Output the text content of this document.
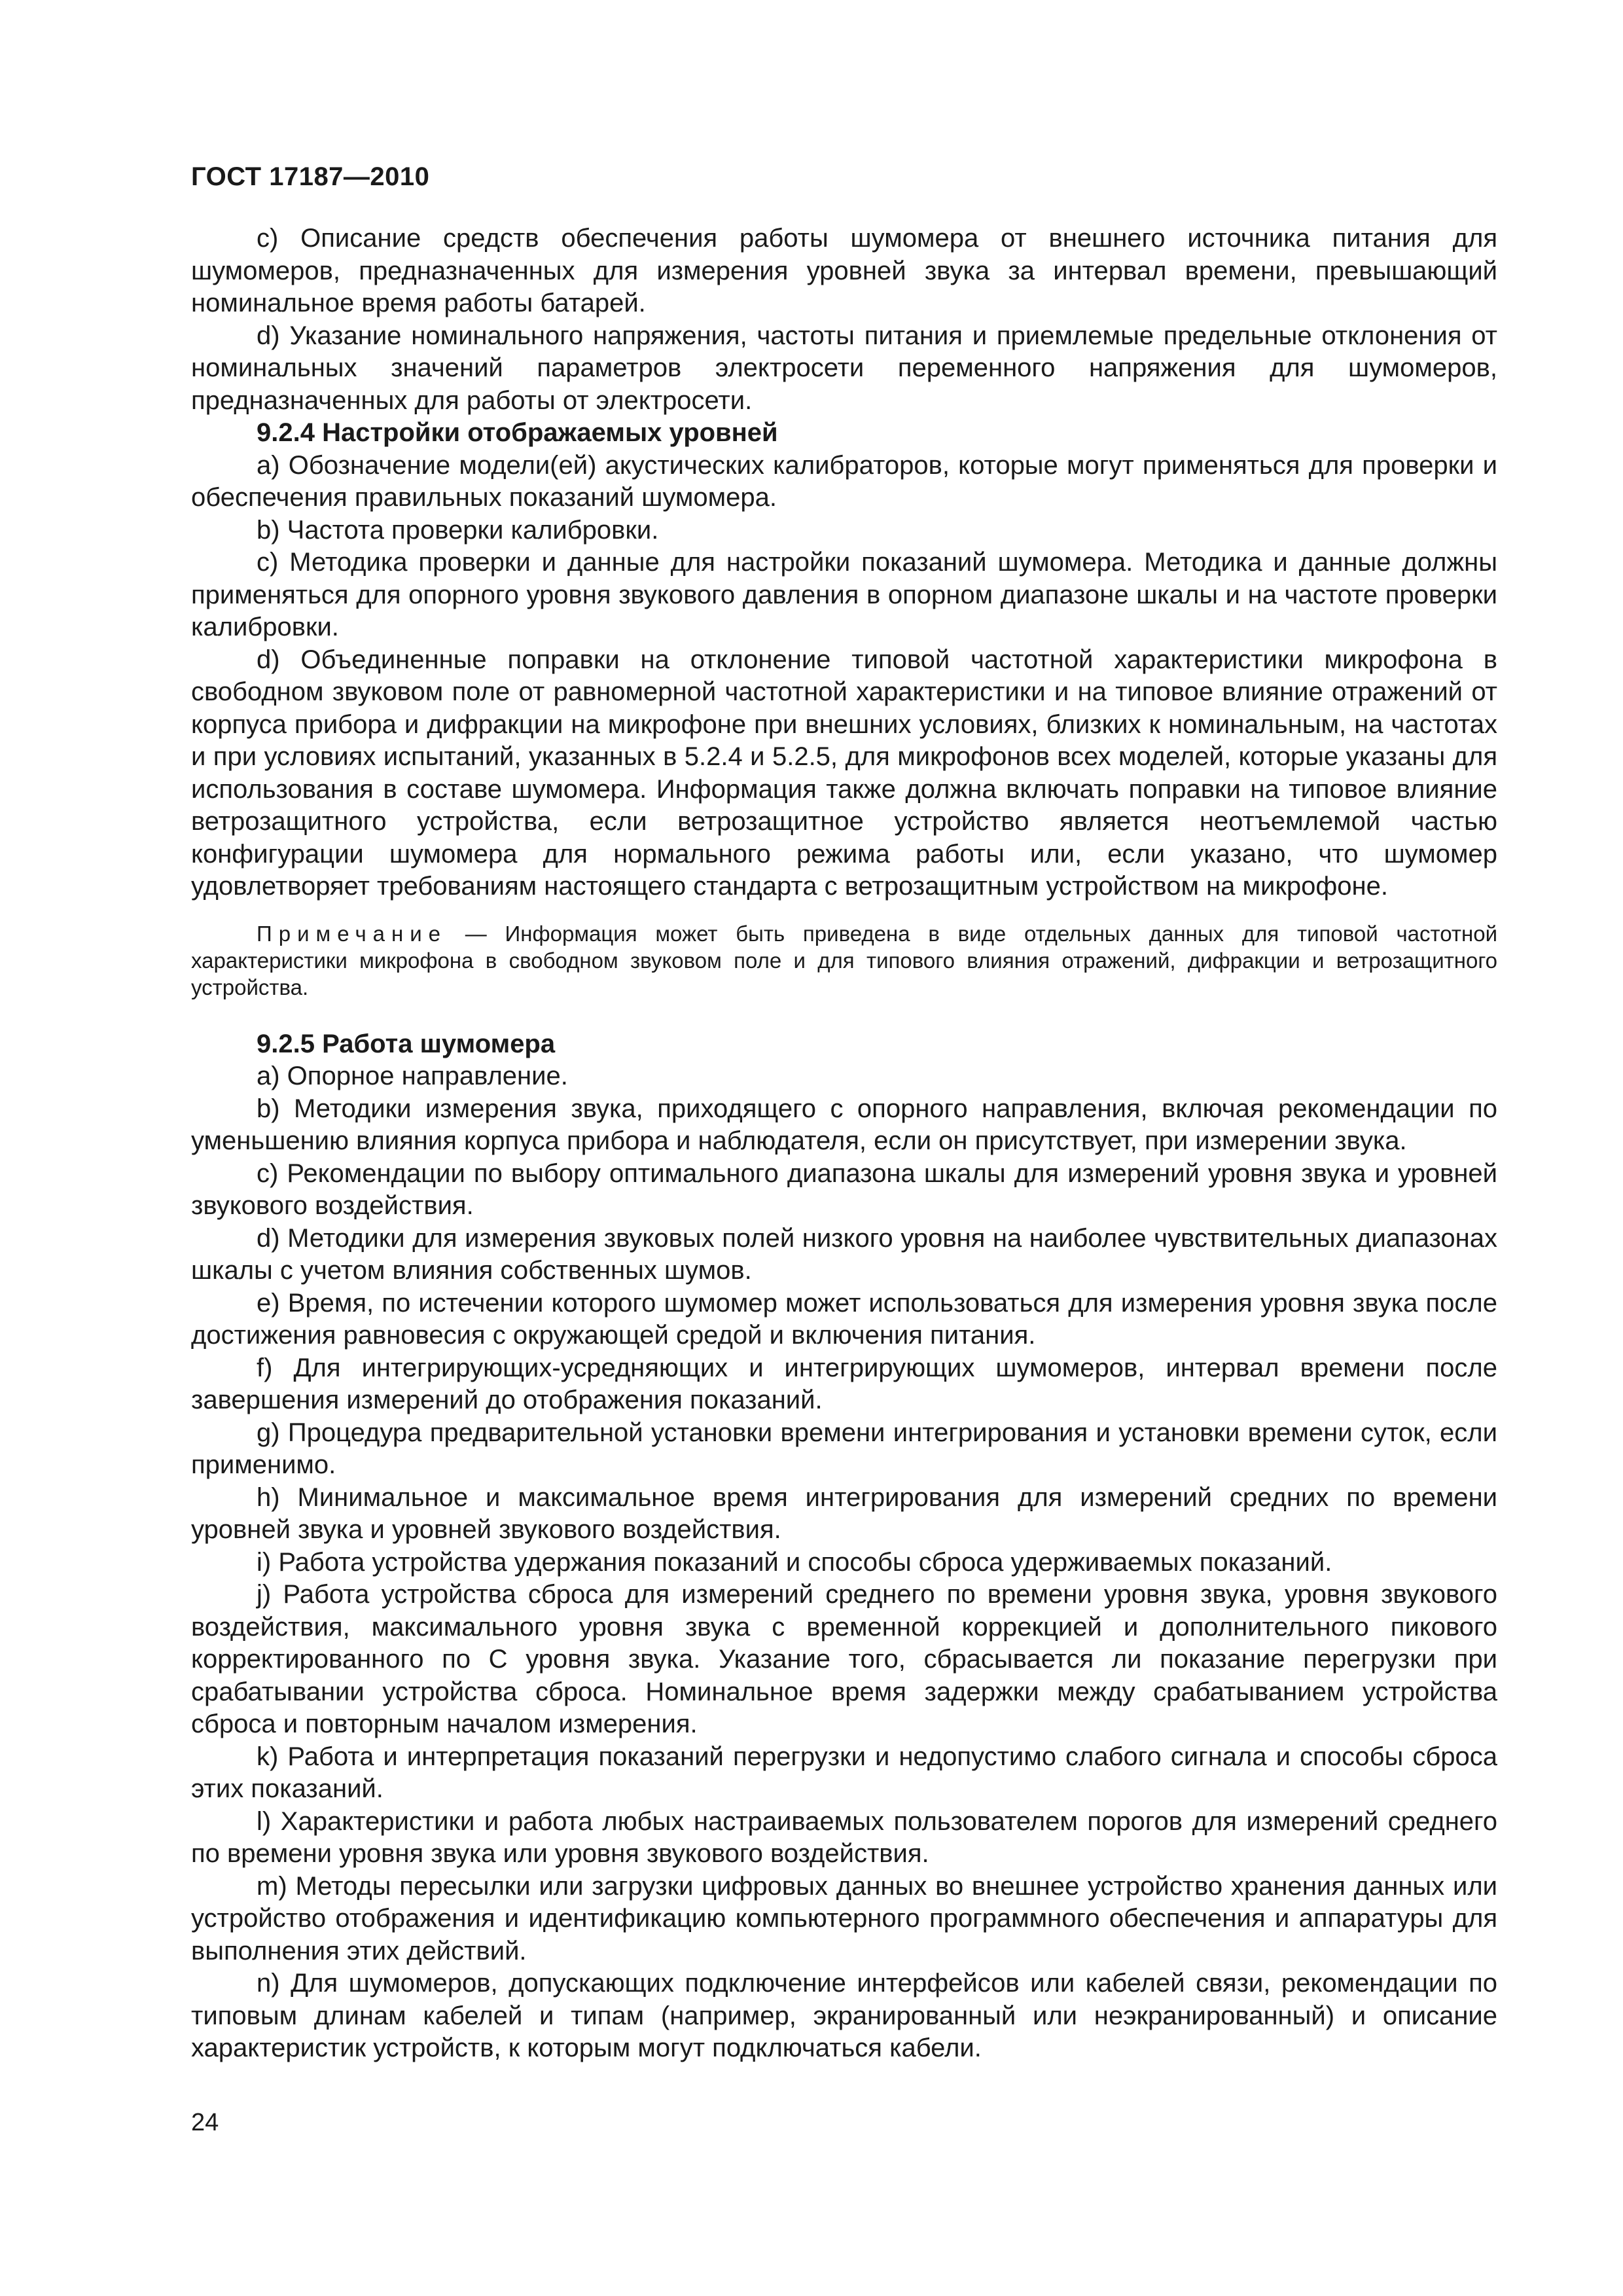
ГОСТ 17187—2010

c) Описание средств обеспечения работы шумомера от внешнего источника питания для шумомеров, предназначенных для измерения уровней звука за интервал времени, превышающий номинальное время работы батарей.

d) Указание номинального напряжения, частоты питания и приемлемые предельные отклонения от номинальных значений параметров электросети переменного напряжения для шумомеров, предназначенных для работы от электросети.

9.2.4 Настройки отображаемых уровней

а) Обозначение модели(ей) акустических калибраторов, которые могут применяться для проверки и обеспечения правильных показаний шумомера.

b) Частота проверки калибровки.

c) Методика проверки и данные для настройки показаний шумомера. Методика и данные должны применяться для опорного уровня звукового давления в опорном диапазоне шкалы и на частоте проверки калибровки.

d) Объединенные поправки на отклонение типовой частотной характеристики микрофона в свободном звуковом поле от равномерной частотной характеристики и на типовое влияние отражений от корпуса прибора и дифракции на микрофоне при внешних условиях, близких к номинальным, на частотах и при условиях испытаний, указанных в 5.2.4 и 5.2.5, для микрофонов всех моделей, которые указаны для использования в составе шумомера. Информация также должна включать поправки на типовое влияние ветрозащитного устройства, если ветрозащитное устройство является неотъемлемой частью конфигурации шумомера для нормального режима работы или, если указано, что шумомер удовлетворяет требованиям настоящего стандарта с ветрозащитным устройством на микрофоне.

Примечание — Информация может быть приведена в виде отдельных данных для типовой частотной характеристики микрофона в свободном звуковом поле и для типового влияния отражений, дифракции и ветрозащитного устройства.

9.2.5 Работа шумомера

а) Опорное направление.

b) Методики измерения звука, приходящего с опорного направления, включая рекомендации по уменьшению влияния корпуса прибора и наблюдателя, если он присутствует, при измерении звука.

c) Рекомендации по выбору оптимального диапазона шкалы для измерений уровня звука и уровней звукового воздействия.

d) Методики для измерения звуковых полей низкого уровня на наиболее чувствительных диапазонах шкалы с учетом влияния собственных шумов.

е) Время, по истечении которого шумомер может использоваться для измерения уровня звука после достижения равновесия с окружающей средой и включения питания.

f) Для интегрирующих-усредняющих и интегрирующих шумомеров, интервал времени после завершения измерений до отображения показаний.

g) Процедура предварительной установки времени интегрирования и установки времени суток, если применимо.

h) Минимальное и максимальное время интегрирования для измерений средних по времени уровней звука и уровней звукового воздействия.

i) Работа устройства удержания показаний и способы сброса удерживаемых показаний.

j) Работа устройства сброса для измерений среднего по времени уровня звука, уровня звукового воздействия, максимального уровня звука с временной коррекцией и дополнительного пикового корректированного по С уровня звука. Указание того, сбрасывается ли показание перегрузки при срабатывании устройства сброса. Номинальное время задержки между срабатыванием устройства сброса и повторным началом измерения.

k) Работа и интерпретация показаний перегрузки и недопустимо слабого сигнала и способы сброса этих показаний.

l) Характеристики и работа любых настраиваемых пользователем порогов для измерений среднего по времени уровня звука или уровня звукового воздействия.

m) Методы пересылки или загрузки цифровых данных во внешнее устройство хранения данных или устройство отображения и идентификацию компьютерного программного обеспечения и аппаратуры для выполнения этих действий.

n) Для шумомеров, допускающих подключение интерфейсов или кабелей связи, рекомендации по типовым длинам кабелей и типам (например, экранированный или неэкранированный) и описание характеристик устройств, к которым могут подключаться кабели.

24
